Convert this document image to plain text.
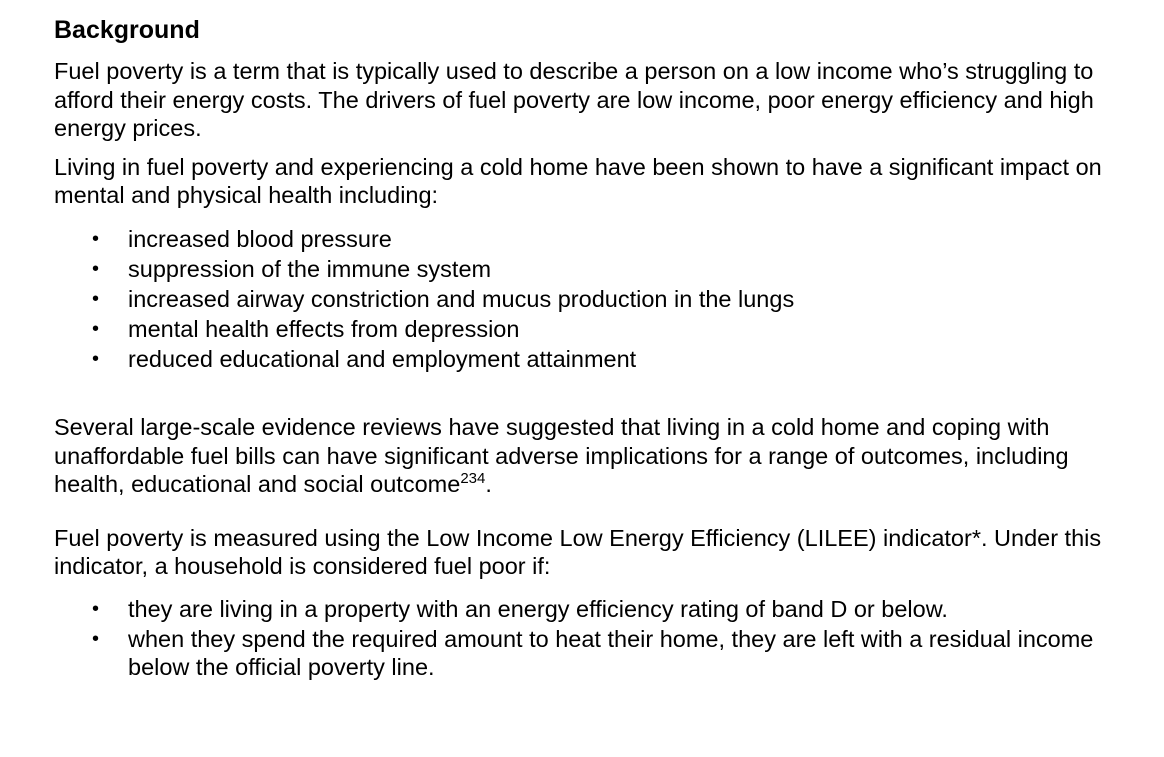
Background

Fuel poverty is a term that is typically used to describe a person on a low income who’s struggling to afford their energy costs. The drivers of fuel poverty are low income, poor energy efficiency and high energy prices.

Living in fuel poverty and experiencing a cold home have been shown to have a significant impact on mental and physical health including:

• increased blood pressure
• suppression of the immune system
• increased airway constriction and mucus production in the lungs
• mental health effects from depression
• reduced educational and employment attainment

Several large-scale evidence reviews have suggested that living in a cold home and coping with unaffordable fuel bills can have significant adverse implications for a range of outcomes, including health, educational and social outcome$^{234}$.

Fuel poverty is measured using the Low Income Low Energy Efficiency (LILEE) indicator*. Under this indicator, a household is considered fuel poor if:

• they are living in a property with an energy efficiency rating of band D or below.
• when they spend the required amount to heat their home, they are left with a residual income below the official poverty line.
